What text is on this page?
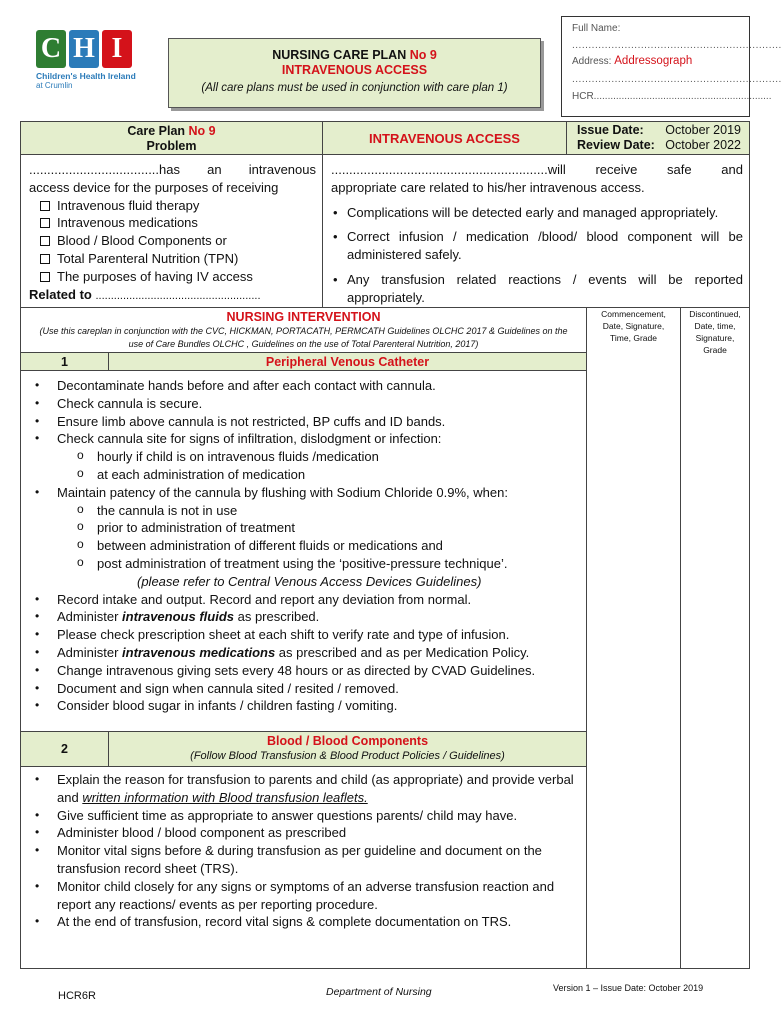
C H I
Children's Health Ireland
at Crumlin
NURSING CARE PLAN No 9
INTRAVENOUS ACCESS
(All care plans must be used in conjunction with care plan 1)
Full Name:
................................................................
Address: Addressograph
................................................................
HCR ................................................................
Care Plan No 9
Problem
INTRAVENOUS ACCESS
Issue Date: October 2019
Review Date: October 2022
....................................has an intravenous
access device for the purposes of receiving
Intravenous fluid therapy
Intravenous medications
Blood / Blood Components or
Total Parenteral Nutrition (TPN)
The purposes of having IV access
Related to ......................................................
............................................................will receive safe and
appropriate care related to his/her intravenous access.
• Complications will be detected early and managed appropriately.
• Correct infusion / medication /blood/ blood component will be administered safely.
• Any transfusion related reactions / events will be reported appropriately.
NURSING INTERVENTION
(Use this careplan in conjunction with the CVC, HICKMAN, PORTACATH, PERMCATH Guidelines OLCHC 2017 & Guidelines on the use of Care Bundles OLCHC , Guidelines on the use of Total Parenteral Nutrition, 2017)
Commencement, Date, Signature, Time, Grade
Discontinued, Date, time, Signature, Grade
1	Peripheral Venous Catheter
• Decontaminate hands before and after each contact with cannula.
• Check cannula is secure.
• Ensure limb above cannula is not restricted, BP cuffs and ID bands.
• Check cannula site for signs of infiltration, dislodgment or infection:
o hourly if child is on intravenous fluids /medication
o at each administration of medication
• Maintain patency of the cannula by flushing with Sodium Chloride 0.9%, when:
o the cannula is not in use
o prior to administration of treatment
o between administration of different fluids or medications and
o post administration of treatment using the ‘positive-pressure technique’.
(please refer to Central Venous Access Devices Guidelines)
• Record intake and output. Record and report any deviation from normal.
• Administer intravenous fluids as prescribed.
• Please check prescription sheet at each shift to verify rate and type of infusion.
• Administer intravenous medications as prescribed and as per Medication Policy.
• Change intravenous giving sets every 48 hours or as directed by CVAD Guidelines.
• Document and sign when cannula sited / resited / removed.
• Consider blood sugar in infants / children fasting / vomiting.
2
Blood / Blood Components
(Follow Blood Transfusion & Blood Product Policies / Guidelines)
• Explain the reason for transfusion to parents and child (as appropriate) and provide verbal and written information with Blood transfusion leaflets.
• Give sufficient time as appropriate to answer questions parents/ child may have.
• Administer blood / blood component as prescribed
• Monitor vital signs before & during transfusion as per guideline and document on the transfusion record sheet (TRS).
• Monitor child closely for any signs or symptoms of an adverse transfusion reaction and report any reactions/ events as per reporting procedure.
• At the end of transfusion, record vital signs & complete documentation on TRS.
HCR6R	Department of Nursing	Version 1 – Issue Date: October 2019
